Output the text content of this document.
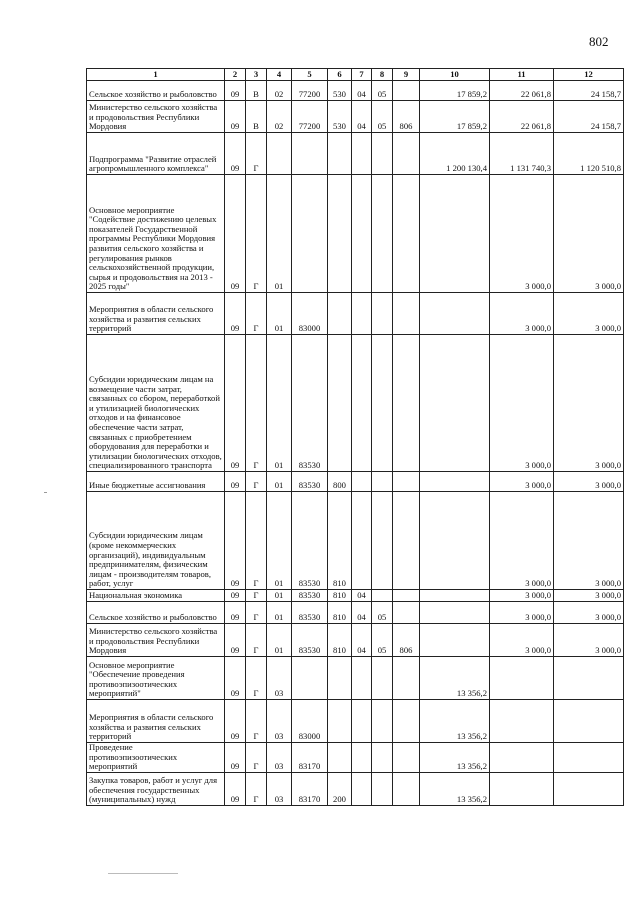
802
1	2	3	4	5	6	7	8	9	10	11	12
Сельское хозяйство и рыболовство	09	В	02	77200	530	04	05		17 859,2	22 061,8	24 158,7
Министерство сельского хозяйства и продовольствия Республики Мордовия	09	В	02	77200	530	04	05	806	17 859,2	22 061,8	24 158,7
Подпрограмма "Развитие отраслей агропромышленного комплекса"	09	Г							1 200 130,4	1 131 740,3	1 120 510,8
Основное мероприятие "Содействие достижению целевых показателей Государственной программы Республики Мордовия развития сельского хозяйства и регулирования рынков сельскохозяйственной продукции, сырья и продовольствия на 2013 - 2025 годы"	09	Г	01							3 000,0	3 000,0
Мероприятия в области сельского хозяйства и развития сельских территорий	09	Г	01	83000						3 000,0	3 000,0
Субсидии юридическим лицам на возмещение части затрат, связанных со сбором, переработкой и утилизацией биологических отходов и на финансовое обеспечение части затрат, связанных с приобретением оборудования для переработки и утилизации биологических отходов, специализированного транспорта	09	Г	01	83530						3 000,0	3 000,0
Иные бюджетные ассигнования	09	Г	01	83530	800					3 000,0	3 000,0
Субсидии юридическим лицам (кроме некоммерческих организаций), индивидуальным предпринимателям, физическим лицам - производителям товаров, работ, услуг	09	Г	01	83530	810					3 000,0	3 000,0
Национальная экономика	09	Г	01	83530	810	04				3 000,0	3 000,0
Сельское хозяйство и рыболовство	09	Г	01	83530	810	04	05			3 000,0	3 000,0
Министерство сельского хозяйства и продовольствия Республики Мордовия	09	Г	01	83530	810	04	05	806		3 000,0	3 000,0
Основное мероприятие "Обеспечение проведения противоэпизоотических мероприятий"	09	Г	03						13 356,2		
Мероприятия в области сельского хозяйства и развития сельских территорий	09	Г	03	83000					13 356,2		
Проведение противоэпизоотических мероприятий	09	Г	03	83170					13 356,2		
Закупка товаров, работ и услуг для обеспечения государственных (муниципальных) нужд	09	Г	03	83170	200				13 356,2		
